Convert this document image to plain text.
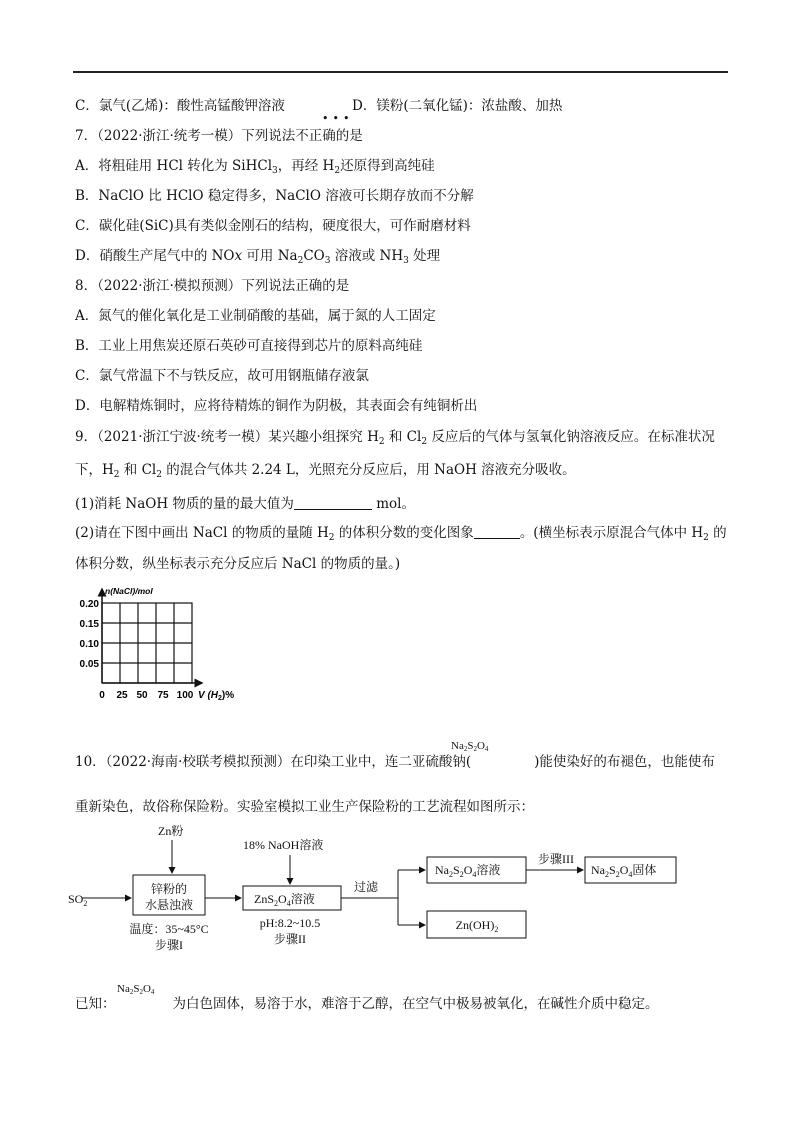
C．氯气(乙烯)：酸性高锰酸钾溶液	D．镁粉(二氧化锰)：浓盐酸、加热
•••
7．（2022·浙江·统考一模）下列说法不正确的是
A．将粗硅用 HCl 转化为 SiHCl$_3$，再经 $H_2$还原得到高纯硅
B．NaClO 比 HClO 稳定得多，NaClO 溶液可长期存放而不分解
C．碳化硅(SiC)具有类似金刚石的结构，硬度很大，可作耐磨材料
D．硝酸生产尾气中的 NOx 可用 $Na_2CO_3$ 溶液或 $NH_3$ 处理
8．（2022·浙江·模拟预测）下列说法正确的是
A．氮气的催化氧化是工业制硝酸的基础，属于氮的人工固定
B．工业上用焦炭还原石英砂可直接得到芯片的原料高纯硅
C．氯气常温下不与铁反应，故可用钢瓶储存液氯
D．电解精炼铜时，应将待精炼的铜作为阴极，其表面会有纯铜析出
9．（2021·浙江宁波·统考一模）某兴趣小组探究 $H_2$ 和 $Cl_2$ 反应后的气体与氢氧化钠溶液反应。在标准状况
下，$H_2$ 和 $Cl_2$ 的混合气体共 2.24 L，光照充分反应后，用 NaOH 溶液充分吸收。
(1)消耗 NaOH 物质的量的最大值为	mol。
(2)请在下图中画出 NaCl 的物质的量随 $H_2$ 的体积分数的变化图象	。(横坐标表示原混合气体中 $H_2$ 的
体积分数，纵坐标表示充分反应后 NaCl 的物质的量。)
n(NaCl)/mol
0.20
0.15
0.10
0.05
0 25 50 75 100 V $(H_2)\%$
10．（2022·海南·校联考模拟预测）在印染工业中，连二亚硫酸钠(	)能使染好的布褪色，也能使布
$Na_2S_2O_4$
重新染色，故俗称保险粉。实验室模拟工业生产保险粉的工艺流程如图所示：
Zn粉
18% NaOH溶液
$SO_2$
锌粉的
水悬浊液	$ZnS_2O_4$溶液
过滤
$Na_2S_2O_4$溶液
步骤III
$Na_2S_2O_4$固体
$Zn(OH)_2$
温度：35~45°C
步骤I
pH:8.2~10.5
步骤II
已知：	为白色固体，易溶于水，难溶于乙醇，在空气中极易被氧化，在碱性介质中稳定。
$Na_2S_2O_4$
